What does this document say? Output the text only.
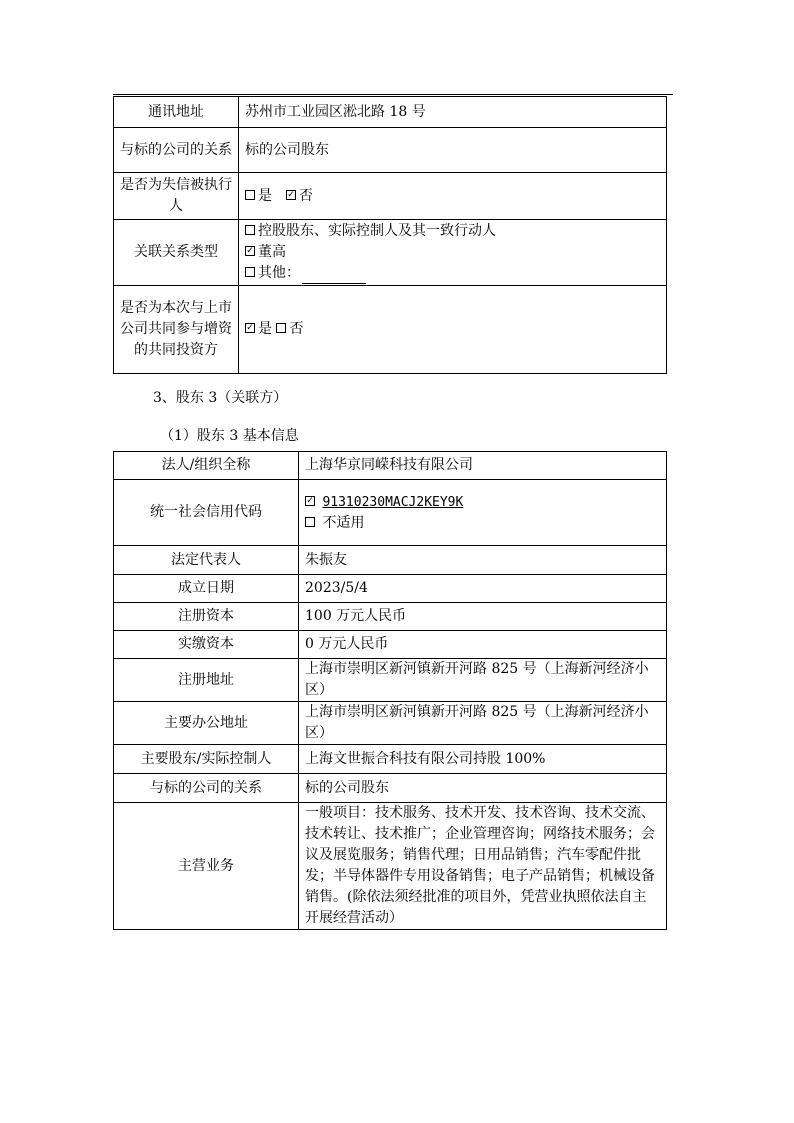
通讯地址	苏州市工业园区淞北路 18 号
与标的公司的关系	标的公司股东
是否为失信被执行人	是 ✓ 否
关联关系类型	控股股东、实际控制人及其一致行动人
✓ 董高
其他：

是否为本次与上市公司共同参与增资的共同投资方	✓ 是 否
3、股东 3（关联方）
（1）股东 3 基本信息
法人/组织全称	上海华京同嵘科技有限公司
统一社会信用代码	✓ 91310230MACJ2KEY9K
不适用

法定代表人	朱振友
成立日期	2023/5/4
注册资本	100 万元人民币
实缴资本	0 万元人民币
注册地址	上海市崇明区新河镇新开河路 825 号（上海新河经济小区）
主要办公地址	上海市崇明区新河镇新开河路 825 号（上海新河经济小区）
主要股东/实际控制人	上海文世振合科技有限公司持股 100%
与标的公司的关系	标的公司股东
主营业务	一般项目：技术服务、技术开发、技术咨询、技术交流、技术转让、技术推广；企业管理咨询；网络技术服务；会议及展览服务；销售代理；日用品销售；汽车零配件批发；半导体器件专用设备销售；电子产品销售；机械设备销售。(除依法须经批准的项目外，凭营业执照依法自主开展经营活动）
